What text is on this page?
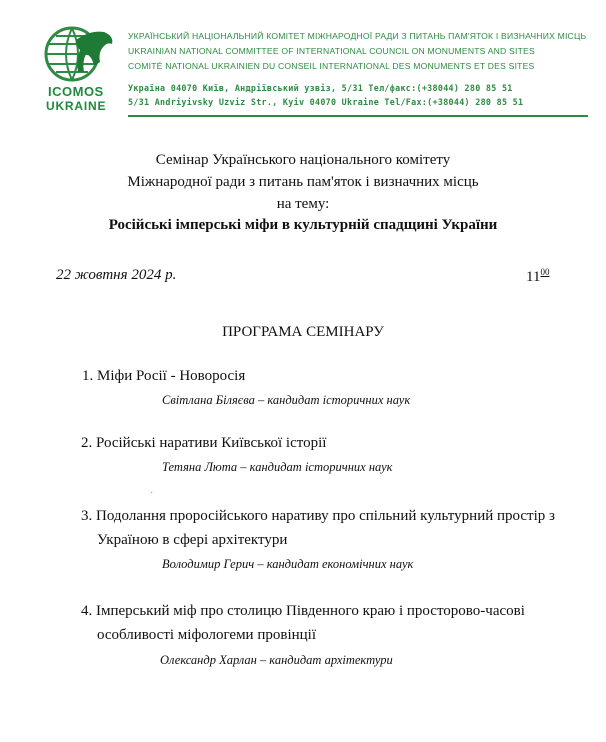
ICOMOS
UKRAINE
УКРАЇНСЬКИЙ НАЦІОНАЛЬНИЙ КОМІТЕТ МІЖНАРОДНОЇ РАДИ З ПИТАНЬ ПАМ'ЯТОК І ВИЗНАЧНИХ МІСЦЬ
UKRAINIAN NATIONAL COMMITTEE OF INTERNATIONAL COUNCIL ON MONUMENTS AND SITES
COMITÉ NATIONAL UKRAINIEN DU CONSEIL INTERNATIONAL DES MONUMENTS ET DES SITES
Україна 04070 Київ, Андріївський узвіз, 5/31 Тел/факс:(+38044) 280 85 51
5/31 Andriyivsky Uzviz Str., Kyiv 04070 Ukraine Tel/Fax:(+38044) 280 85 51
Семінар Українського національного комітету
Міжнародної ради з питань пам'яток і визначних місць
на тему:
Російські імперські міфи в культурній спадщині України
22 жовтня 2024 р.	$11^{00}$
ПРОГРАМА СЕМІНАРУ
1. Міфи Росії - Новоросія
Світлана Біляєва – кандидат історичних наук
2. Російські наративи Київської історії
Тетяна Люта – кандидат історичних наук
·
3. Подолання проросійського наративу про спільний культурний простір з
Україною в сфері архітектури
Володимир Герич – кандидат економічних наук
4. Імперський міф про столицю Південного краю і просторово-часові
особливості міфологеми провінції
Олександр Харлан – кандидат архітектури
